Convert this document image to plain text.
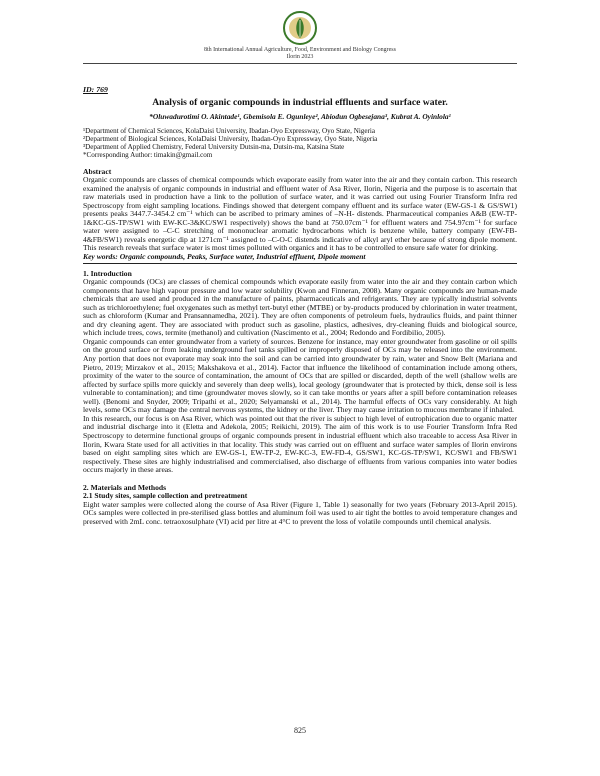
8th International Annual Agriculture, Food, Environment and Biology Congress
Ilorin 2023

ID: 769

Analysis of organic compounds in industrial effluents and surface water.

*Oluwadurotimi O. Akintade¹, Gbemisola E. Ogunleye², Abiodun Ogbesejana³, Kubrat A. Oyinlola¹

¹Department of Chemical Sciences, KolaDaisi University, Ibadan-Oyo Expressway, Oyo State, Nigeria

²Department of Biological Sciences, KolaDaisi University, Ibadan-Oyo Expressway, Oyo State, Nigeria

³Department of Applied Chemistry, Federal University Dutsin-ma, Dutsin-ma, Katsina State

*Corresponding Author: timakin@gmail.com

Abstract

Organic compounds are classes of chemical compounds which evaporate easily from water into the air and they contain carbon. This research examined the analysis of organic compounds in industrial and effluent water of Asa River, Ilorin, Nigeria and the purpose is to ascertain that raw materials used in production have a link to the pollution of surface water, and it was carried out using Fourier Transform Infra red Spectroscopy from eight sampling locations. Findings showed that detergent company effluent and its surface water (EW-GS-1 & GS/SW1) presents peaks 3447.7-3454.2 cm⁻¹ which can be ascribed to primary amines of –N-H- distends. Pharmaceutical companies A&B (EW-TP-1&KC-GS-TP/SW1 with EW-KC-3&KC/SW1 respectively) shows the band at 750.07cm⁻¹ for effluent waters and 754.97cm⁻¹ for surface water were assigned to –C-C stretching of mononuclear aromatic hydrocarbons which is benzene while, battery company (EW-FB-4&FB/SW1) reveals energetic dip at 1271cm⁻¹ assigned to –C-O-C distends indicative of alkyl aryl ether because of strong dipole moment. This research reveals that surface water is most times polluted with organics and it has to be controlled to ensure safe water for drinking.

Key words: Organic compounds, Peaks, Surface water, Industrial effluent, Dipole moment

1. Introduction

Organic compounds (OCs) are classes of chemical compounds which evaporate easily from water into the air and they contain carbon which components that have high vapour pressure and low water solubility (Kwon and Finneran, 2008). Many organic compounds are human-made chemicals that are used and produced in the manufacture of paints, pharmaceuticals and refrigerants. They are typically industrial solvents such as trichloroethylene; fuel oxygenates such as methyl tert-butyl ether (MTBE) or by-products produced by chlorination in water treatment, such as chloroform (Kumar and Pransannamedha, 2021). They are often components of petroleum fuels, hydraulics fluids, and paint thinner and dry cleaning agent. They are associated with product such as gasoline, plastics, adhesives, dry-cleaning fluids and biological source, which include trees, cows, termite (methanol) and cultivation (Nascimento et al., 2004; Redondo and Fordibilio, 2005).

Organic compounds can enter groundwater from a variety of sources. Benzene for instance, may enter groundwater from gasoline or oil spills on the ground surface or from leaking underground fuel tanks spilled or improperly disposed of OCs may be released into the environment. Any portion that does not evaporate may soak into the soil and can be carried into groundwater by rain, water and Snow Belt (Mariana and Pietro, 2019; Mirzakov et al., 2015; Makshakova et al., 2014). Factor that influence the likelihood of contamination include among others, proximity of the water to the source of contamination, the amount of OCs that are spilled or discarded, depth of the well (shallow wells are affected by surface spills more quickly and severely than deep wells), local geology (groundwater that is protected by thick, dense soil is less vulnerable to contamination); and time (groundwater moves slowly, so it can take months or years after a spill before contamination releases well). (Benomi and Snyder, 2009; Tripathi et al., 2020; Selyamanski et al., 2014). The harmful effects of OCs vary considerably. At high levels, some OCs may damage the central nervous systems, the kidney or the liver. They may cause irritation to mucous membrane if inhaled.

In this research, our focus is on Asa River, which was pointed out that the river is subject to high level of eutrophication due to organic matter and industrial discharge into it (Eletta and Adekola, 2005; Reikichi, 2019). The aim of this work is to use Fourier Transform Infra Red Spectroscopy to determine functional groups of organic compounds present in industrial effluent which also traceable to access Asa River in Ilorin, Kwara State used for all activities in that locality. This study was carried out on effluent and surface water samples of Ilorin environs based on eight sampling sites which are EW-GS-1, EW-TP-2, EW-KC-3, EW-FD-4, GS/SW1, KC-GS-TP/SW1, KC/SW1 and FB/SW1 respectively. These sites are highly industrialised and commercialised, also discharge of effluents from various companies into water bodies occurs majorly in these areas.

2. Materials and Methods

2.1 Study sites, sample collection and pretreatment

Eight water samples were collected along the course of Asa River (Figure 1, Table 1) seasonally for two years (February 2013-April 2015). OCs samples were collected in pre-sterilised glass bottles and aluminum foil was used to air tight the bottles to avoid temperature changes and preserved with 2mL conc. tetraoxosulphate (VI) acid per litre at 4°C to prevent the loss of volatile compounds until chemical analysis.

825
